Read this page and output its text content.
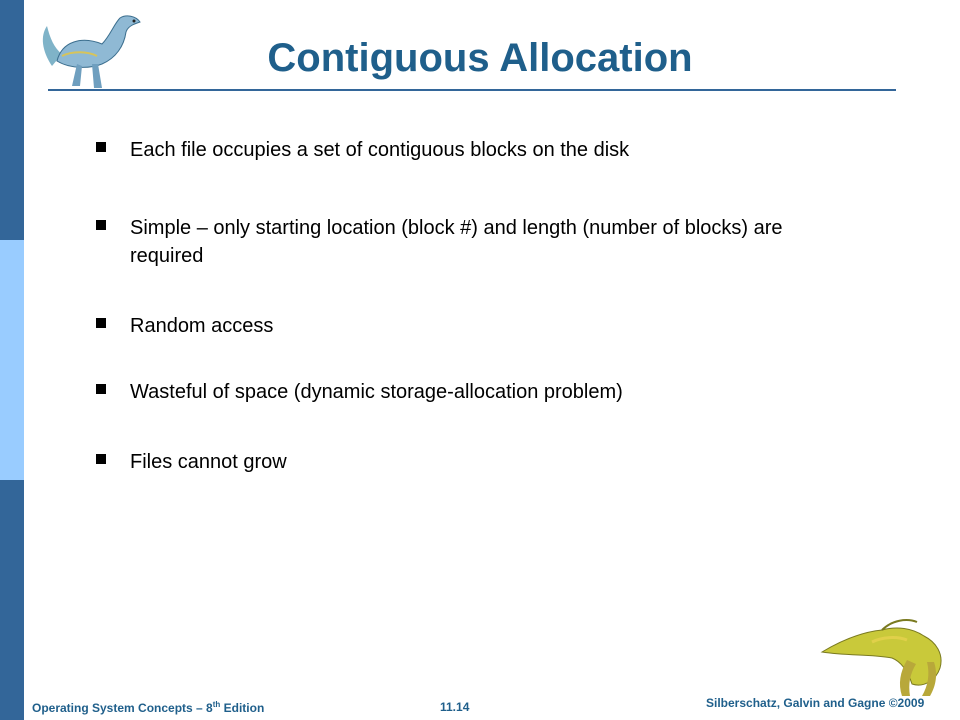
Contiguous Allocation
Each file occupies a set of contiguous blocks on the disk
Simple – only starting location (block #) and length (number of blocks) are required
Random access
Wasteful of space (dynamic storage-allocation problem)
Files cannot grow
Operating System Concepts – 8th Edition	11.14	Silberschatz, Galvin and Gagne ©2009
